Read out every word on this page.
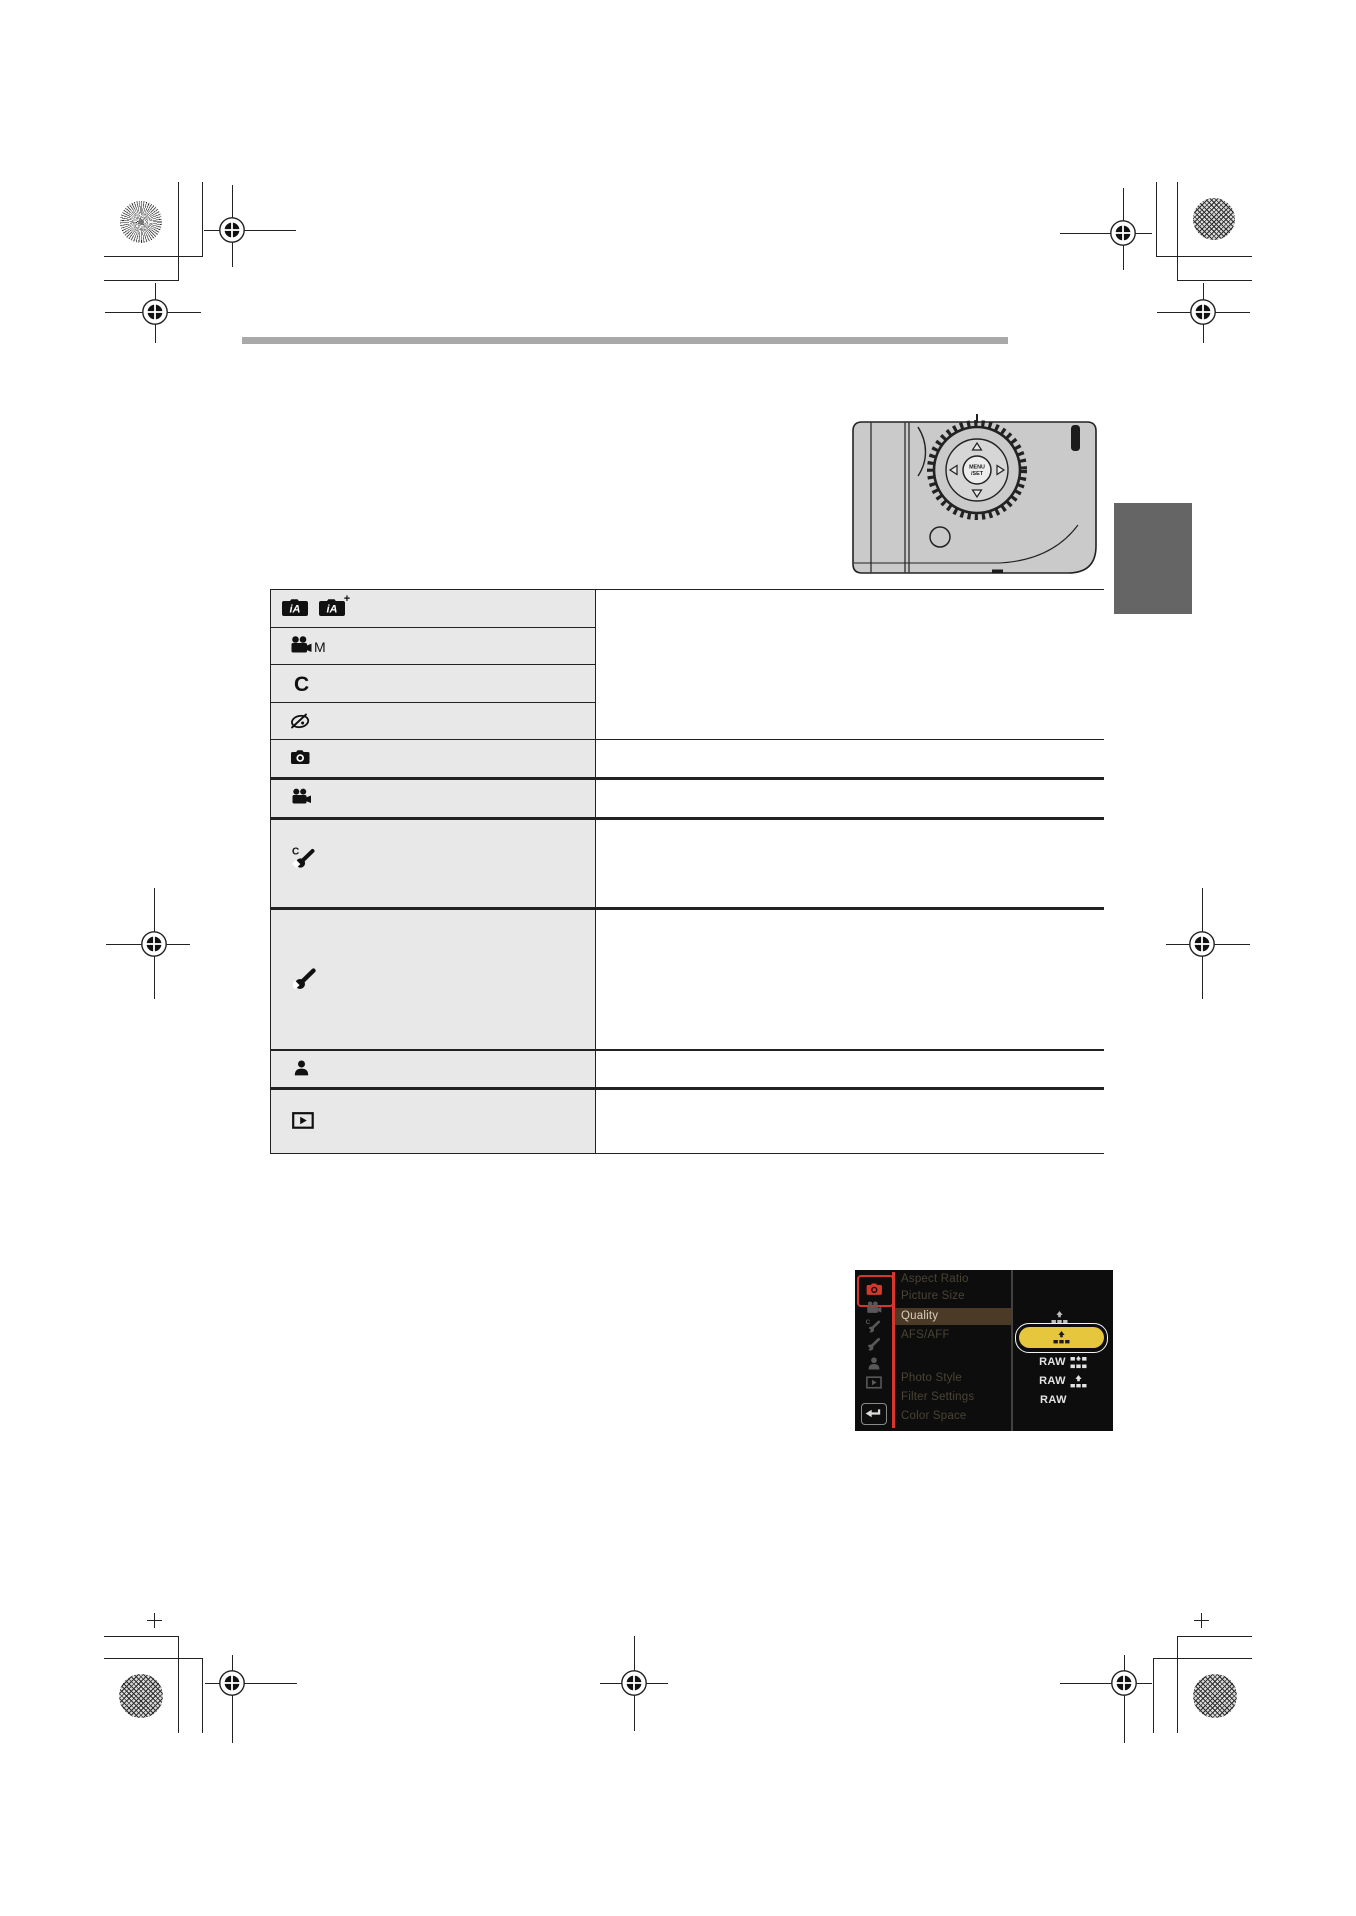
MENU
/SET
iA iA
+
M
C
C
C
Aspect Ratio
Picture Size
Quality
AFS/AFF
Photo Style
Filter Settings
Color Space
RAW
RAW
RAW
